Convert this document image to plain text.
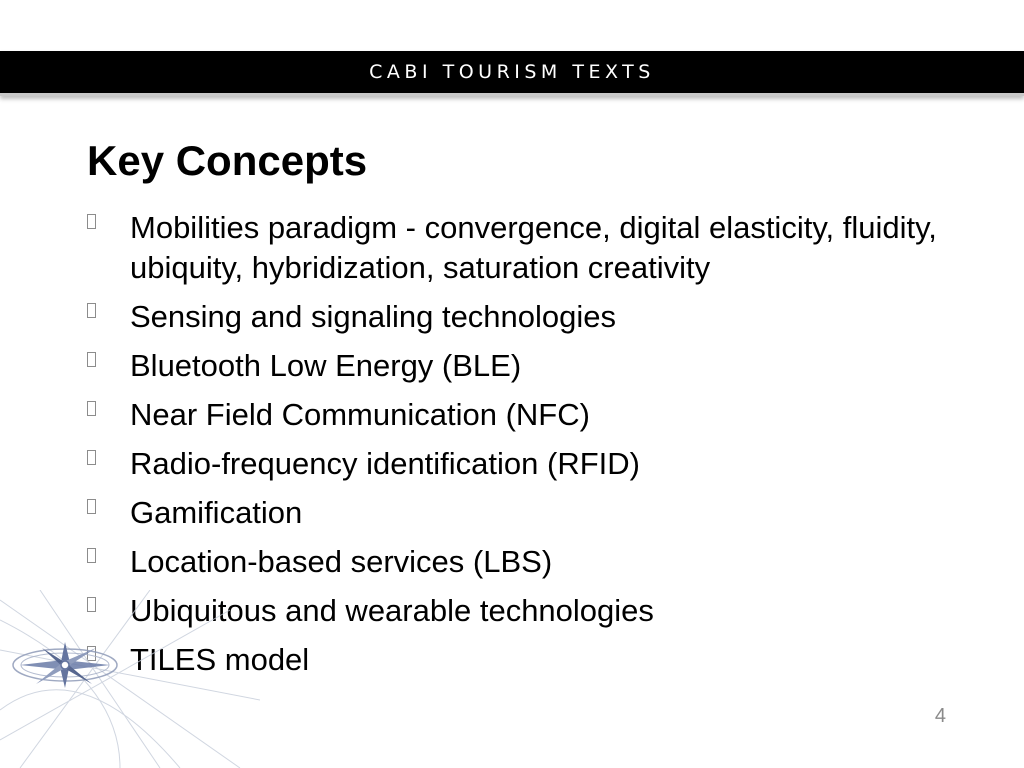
CABI TOURISM TEXTS
Key Concepts
Mobilities paradigm - convergence, digital elasticity, fluidity, ubiquity, hybridization, saturation creativity
Sensing and signaling technologies
Bluetooth Low Energy (BLE)
Near Field Communication (NFC)
Radio-frequency identification (RFID)
Gamification
Location-based services (LBS)
Ubiquitous and wearable technologies
TILES model
4
